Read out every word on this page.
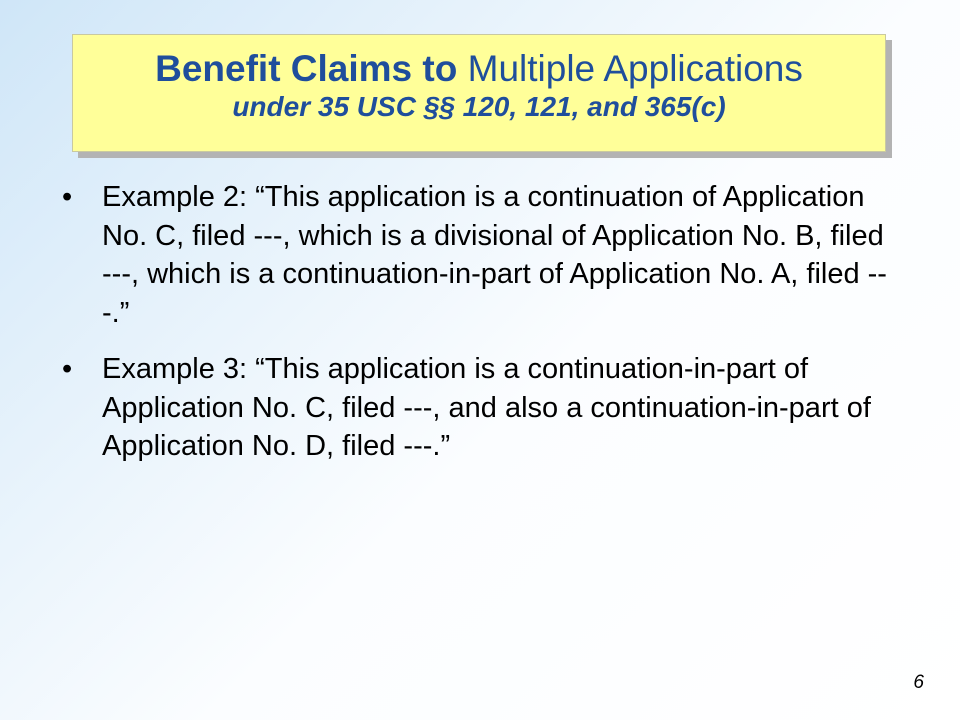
Benefit Claims to Multiple Applications
under 35 USC §§ 120, 121, and 365(c)
• Example 2: “This application is a continuation of Application No. C, filed ---, which is a divisional of Application No. B, filed ---, which is a continuation-in-part of Application No. A, filed ---.”
• Example 3: “This application is a continuation-in-part of Application No. C, filed ---, and also a continuation-in-part of Application No. D, filed ---.”
6
